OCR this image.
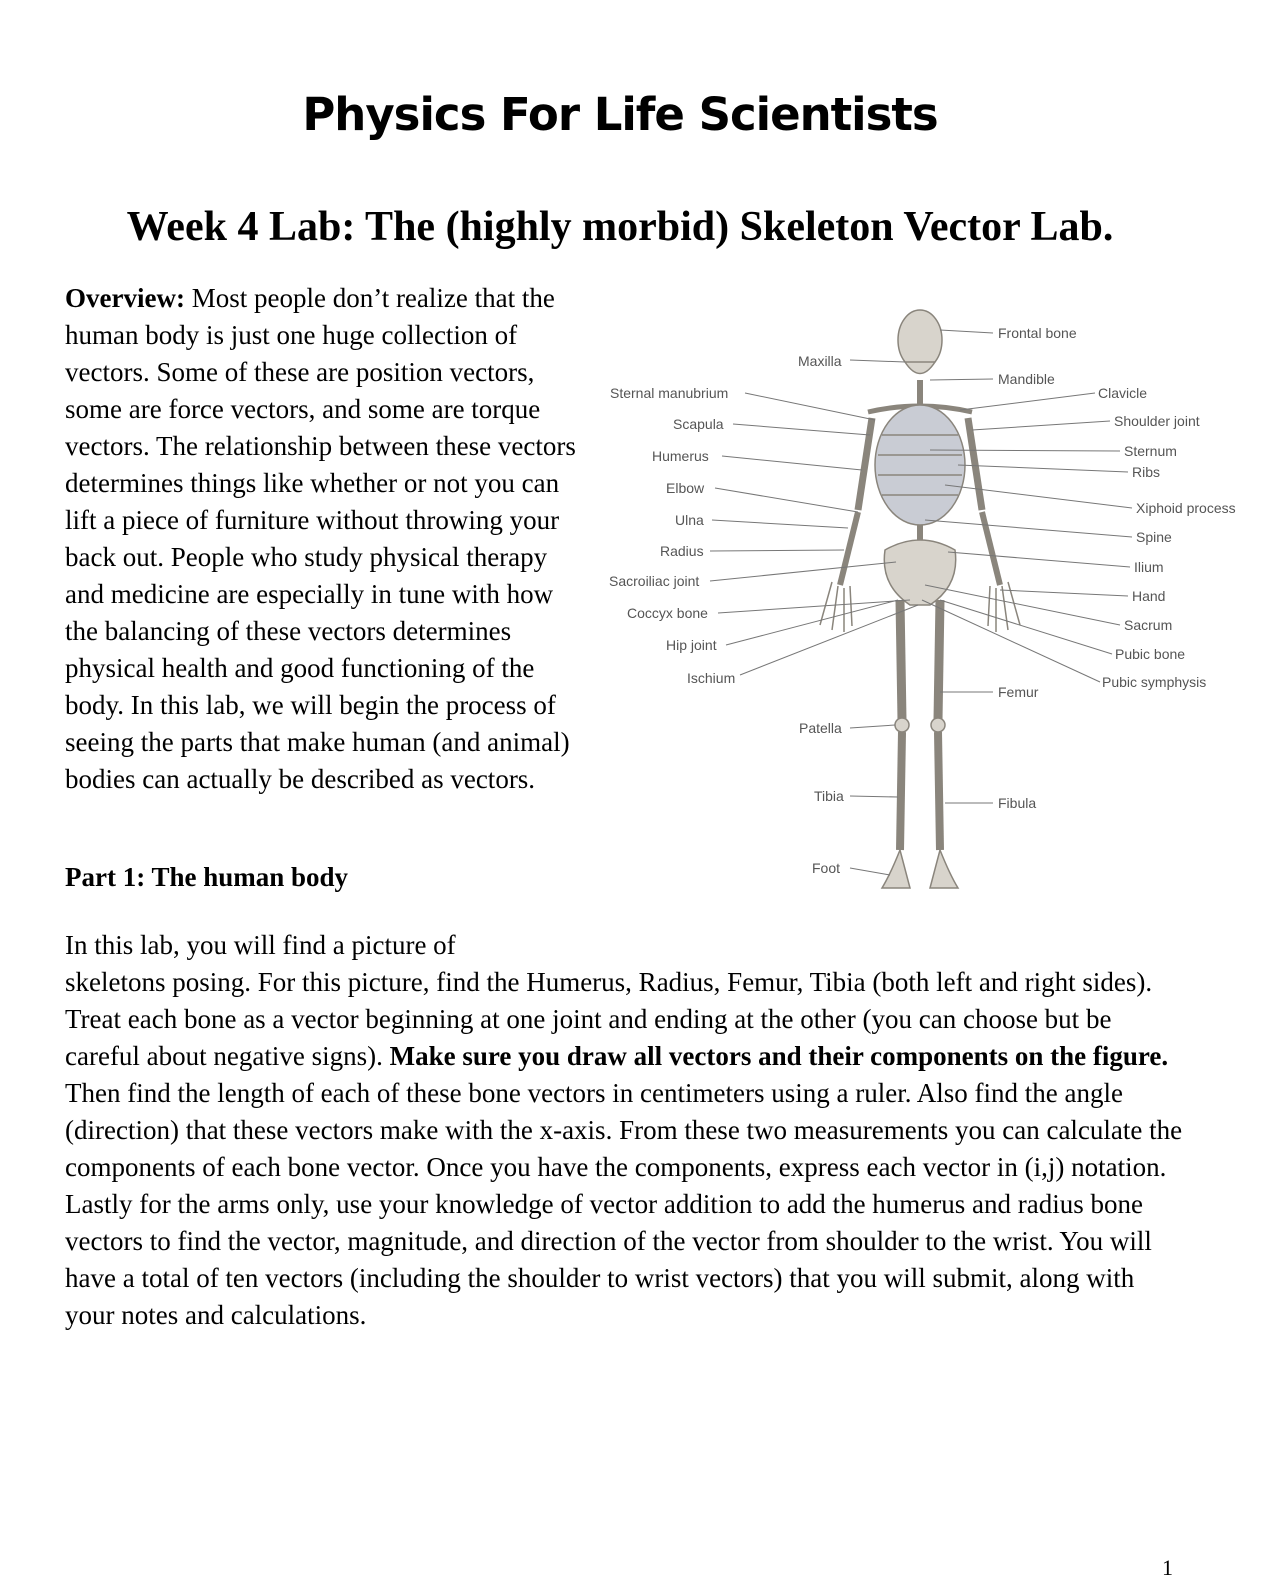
Physics For Life Scientists
Week 4 Lab: The (highly morbid) Skeleton Vector Lab.

Overview: Most people don’t realize that the human body is just one huge collection of vectors. Some of these are position vectors, some are force vectors, and some are torque vectors. The relationship between these vectors determines things like whether or not you can lift a piece of furniture without throwing your back out. People who study physical therapy and medicine are especially in tune with how the balancing of these vectors determines physical health and good functioning of the body. In this lab, we will begin the process of seeing the parts that make human (and animal) bodies can actually be described as vectors.

Part 1: The human body

In this lab, you will find a picture of
skeletons posing. For this picture, find the Humerus, Radius, Femur, Tibia (both left and right sides). Treat each bone as a vector beginning at one joint and ending at the other (you can choose but be careful about negative signs). Make sure you draw all vectors and their components on the figure. Then find the length of each of these bone vectors in centimeters using a ruler. Also find the angle (direction) that these vectors make with the x-axis. From these two measurements you can calculate the components of each bone vector. Once you have the components, express each vector in (i,j) notation. Lastly for the arms only, use your knowledge of vector addition to add the humerus and radius bone vectors to find the vector, magnitude, and direction of the vector from shoulder to the wrist. You will have a total of ten vectors (including the shoulder to wrist vectors) that you will submit, along with your notes and calculations.

Maxilla
Sternal manubrium
Scapula
Humerus
Elbow
Ulna
Radius
Sacroiliac joint
Coccyx bone
Hip joint
Ischium
Patella
Tibia
Foot
Frontal bone
Mandible
Clavicle
Shoulder joint
Sternum
Ribs
Xiphoid process
Spine
Ilium
Hand
Sacrum
Pubic bone
Pubic symphysis
Femur
Fibula
1
